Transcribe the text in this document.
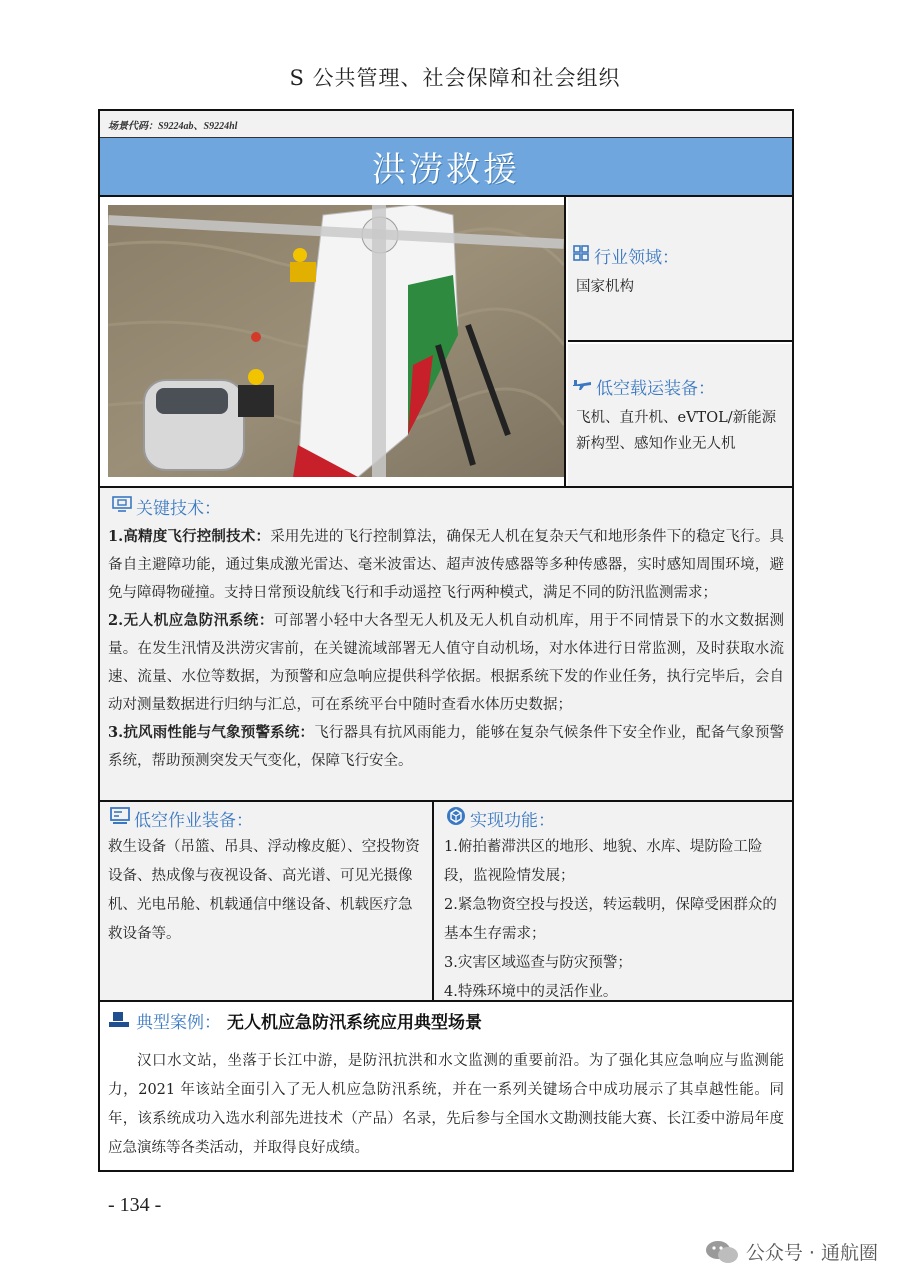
S 公共管理、社会保障和社会组织
场景代码：S9224ab、S9224hl
洪涝救援
行业领域：
国家机构
低空载运装备：
飞机、直升机、eVTOL/新能源新构型、感知作业无人机
关键技术：

1.高精度飞行控制技术：采用先进的飞行控制算法，确保无人机在复杂天气和地形条件下的稳定飞行。具备自主避障功能，通过集成激光雷达、毫米波雷达、超声波传感器等多种传感器，实时感知周围环境，避免与障碍物碰撞。支持日常预设航线飞行和手动遥控飞行两种模式，满足不同的防汛监测需求；

2.无人机应急防汛系统：可部署小轻中大各型无人机及无人机自动机库，用于不同情景下的水文数据测量。在发生汛情及洪涝灾害前，在关键流域部署无人值守自动机场，对水体进行日常监测，及时获取水流速、流量、水位等数据，为预警和应急响应提供科学依据。根据系统下发的作业任务，执行完毕后，会自动对测量数据进行归纳与汇总，可在系统平台中随时查看水体历史数据；

3.抗风雨性能与气象预警系统：飞行器具有抗风雨能力，能够在复杂气候条件下安全作业，配备气象预警系统，帮助预测突发天气变化，保障飞行安全。

低空作业装备：
救生设备（吊篮、吊具、浮动橡皮艇）、空投物资设备、热成像与夜视设备、高光谱、可见光摄像机、光电吊舱、机载通信中继设备、机载医疗急救设备等。
实现功能：
1.俯拍蓄滞洪区的地形、地貌、水库、堤防险工险段，监视险情发展；
2.紧急物资空投与投送，转运载明，保障受困群众的基本生存需求；
3.灾害区域巡查与防灾预警；
4.特殊环境中的灵活作业。
典型案例： 无人机应急防汛系统应用典型场景

汉口水文站，坐落于长江中游，是防汛抗洪和水文监测的重要前沿。为了强化其应急响应与监测能力，2021 年该站全面引入了无人机应急防汛系统，并在一系列关键场合中成功展示了其卓越性能。同年，该系统成功入选水利部先进技术（产品）名录，先后参与全国水文勘测技能大赛、长江委中游局年度应急演练等各类活动，并取得良好成绩。

- 134 -
公众号 · 通航圈
